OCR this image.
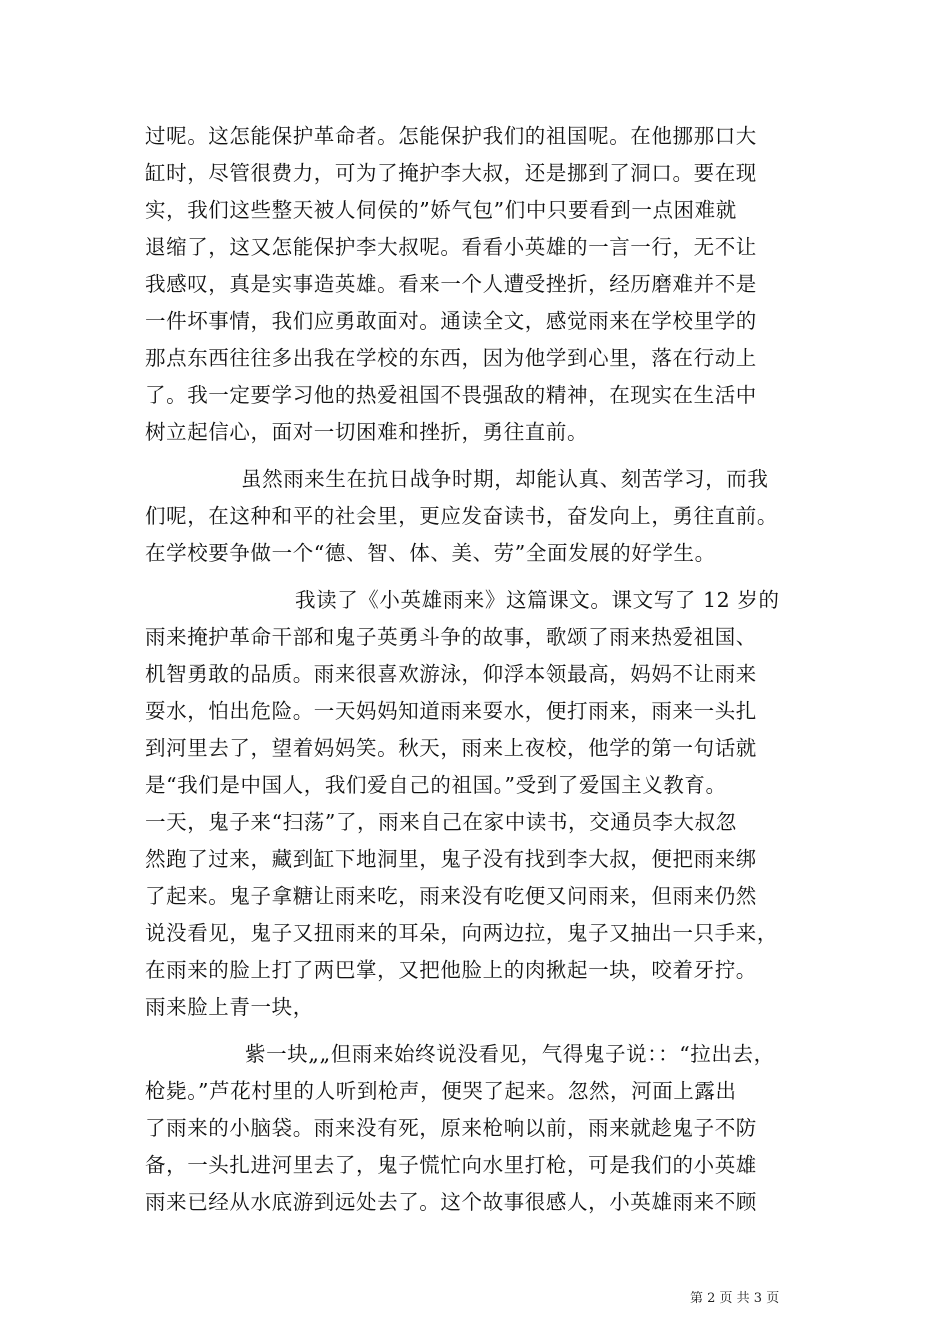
过呢。这怎能保护革命者。怎能保护我们的祖国呢。在他挪那口大
缸时，尽管很费力，可为了掩护李大叔，还是挪到了洞口。要在现
实，我们这些整天被人伺侯的”娇气包”们中只要看到一点困难就
退缩了，这又怎能保护李大叔呢。看看小英雄的一言一行，无不让
我感叹，真是实事造英雄。看来一个人遭受挫折，经历磨难并不是
一件坏事情，我们应勇敢面对。通读全文，感觉雨来在学校里学的
那点东西往往多出我在学校的东西，因为他学到心里，落在行动上
了。我一定要学习他的热爱祖国不畏强敌的精神，在现实在生活中
树立起信心，面对一切困难和挫折，勇往直前。
虽然雨来生在抗日战争时期，却能认真、刻苦学习，而我
们呢，在这种和平的社会里，更应发奋读书，奋发向上，勇往直前。
在学校要争做一个“德、智、体、美、劳”全面发展的好学生。
我读了《小英雄雨来》这篇课文。课文写了 12 岁的
雨来掩护革命干部和鬼子英勇斗争的故事，歌颂了雨来热爱祖国、
机智勇敢的品质。雨来很喜欢游泳，仰浮本领最高，妈妈不让雨来
耍水，怕出危险。一天妈妈知道雨来耍水，便打雨来，雨来一头扎
到河里去了，望着妈妈笑。秋天，雨来上夜校，他学的第一句话就
是“我们是中国人，我们爱自己的祖国。”受到了爱国主义教育。
一天，鬼子来“扫荡”了，雨来自己在家中读书，交通员李大叔忽
然跑了过来，藏到缸下地洞里，鬼子没有找到李大叔，便把雨来绑
了起来。鬼子拿糖让雨来吃，雨来没有吃便又问雨来，但雨来仍然
说没看见，鬼子又扭雨来的耳朵，向两边拉，鬼子又抽出一只手来，
在雨来的脸上打了两巴掌，又把他脸上的肉揪起一块，咬着牙拧。
雨来脸上青一块，
紫一块„„但雨来始终说没看见，气得鬼子说：：“拉出去，
枪毙。”芦花村里的人听到枪声，便哭了起来。忽然，河面上露出
了雨来的小脑袋。雨来没有死，原来枪响以前，雨来就趁鬼子不防
备，一头扎进河里去了，鬼子慌忙向水里打枪，可是我们的小英雄
雨来已经从水底游到远处去了。这个故事很感人，小英雄雨来不顾
第 2 页 共 3 页
